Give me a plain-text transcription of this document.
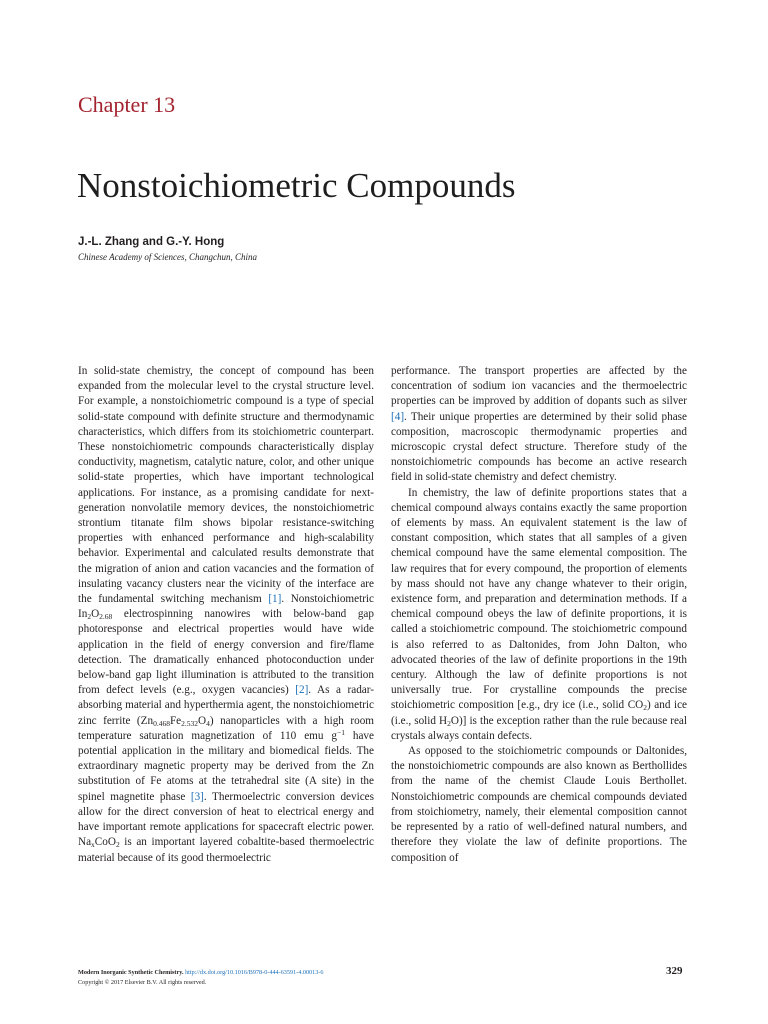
Chapter 13
Nonstoichiometric Compounds
J.-L. Zhang and G.-Y. Hong
Chinese Academy of Sciences, Changchun, China

In solid-state chemistry, the concept of compound has been expanded from the molecular level to the crystal structure level. For example, a nonstoichiometric compound is a type of special solid-state compound with definite structure and thermodynamic characteristics, which differs from its stoichiometric counterpart. These nonstoichiometric compounds characteristically display conductivity, magnetism, catalytic nature, color, and other unique solid-state properties, which have important technological applications. For instance, as a promising candidate for next-generation nonvolatile memory devices, the nonstoichiometric strontium titanate film shows bipolar resistance-switching properties with enhanced performance and high-scalability behavior. Experimental and calculated results demonstrate that the migration of anion and cation vacancies and the formation of insulating vacancy clusters near the vicinity of the interface are the fundamental switching mechanism [1]. Nonstoichiometric $In_2O_{2.68}$ electrospinning nanowires with below-band gap photoresponse and electrical properties would have wide application in the field of energy conversion and fire/flame detection. The dramatically enhanced photoconduction under below-band gap light illumination is attributed to the transition from defect levels (e.g., oxygen vacancies) [2]. As a radar-absorbing material and hyperthermia agent, the nonstoichiometric zinc ferrite $(Zn_{0.468}Fe_{2.532}O_4)$ nanoparticles with a high room temperature saturation magnetization of 110 emu $g^{-1}$ have potential application in the military and biomedical fields. The extraordinary magnetic property may be derived from the Zn substitution of Fe atoms at the tetrahedral site (A site) in the spinel magnetite phase [3]. Thermoelectric conversion devices allow for the direct conversion of heat to electrical energy and have important remote applications for spacecraft electric power. $Na_xCoO_2$ is an important layered cobaltite-based thermoelectric material because of its good thermoelectric

performance. The transport properties are affected by the concentration of sodium ion vacancies and the thermoelectric properties can be improved by addition of dopants such as silver [4]. Their unique properties are determined by their solid phase composition, macroscopic thermodynamic properties and microscopic crystal defect structure. Therefore study of the nonstoichiometric compounds has become an active research field in solid-state chemistry and defect chemistry.

In chemistry, the law of definite proportions states that a chemical compound always contains exactly the same proportion of elements by mass. An equivalent statement is the law of constant composition, which states that all samples of a given chemical compound have the same elemental composition. The law requires that for every compound, the proportion of elements by mass should not have any change whatever to their origin, existence form, and preparation and determination methods. If a chemical compound obeys the law of definite proportions, it is called a stoichiometric compound. The stoichiometric compound is also referred to as Daltonides, from John Dalton, who advocated theories of the law of definite proportions in the 19th century. Although the law of definite proportions is not universally true. For crystalline compounds the precise stoichiometric composition [e.g., dry ice (i.e., solid $CO_2$) and ice (i.e., solid $H_2O$)] is the exception rather than the rule because real crystals always contain defects.

As opposed to the stoichiometric compounds or Daltonides, the nonstoichiometric compounds are also known as Berthollides from the name of the chemist Claude Louis Berthollet. Nonstoichiometric compounds are chemical compounds deviated from stoichiometry, namely, their elemental composition cannot be represented by a ratio of well-defined natural numbers, and therefore they violate the law of definite proportions. The composition of

Modern Inorganic Synthetic Chemistry. http://dx.doi.org/10.1016/B978-0-444-63591-4.00013-6
Copyright © 2017 Elsevier B.V. All rights reserved.
329
